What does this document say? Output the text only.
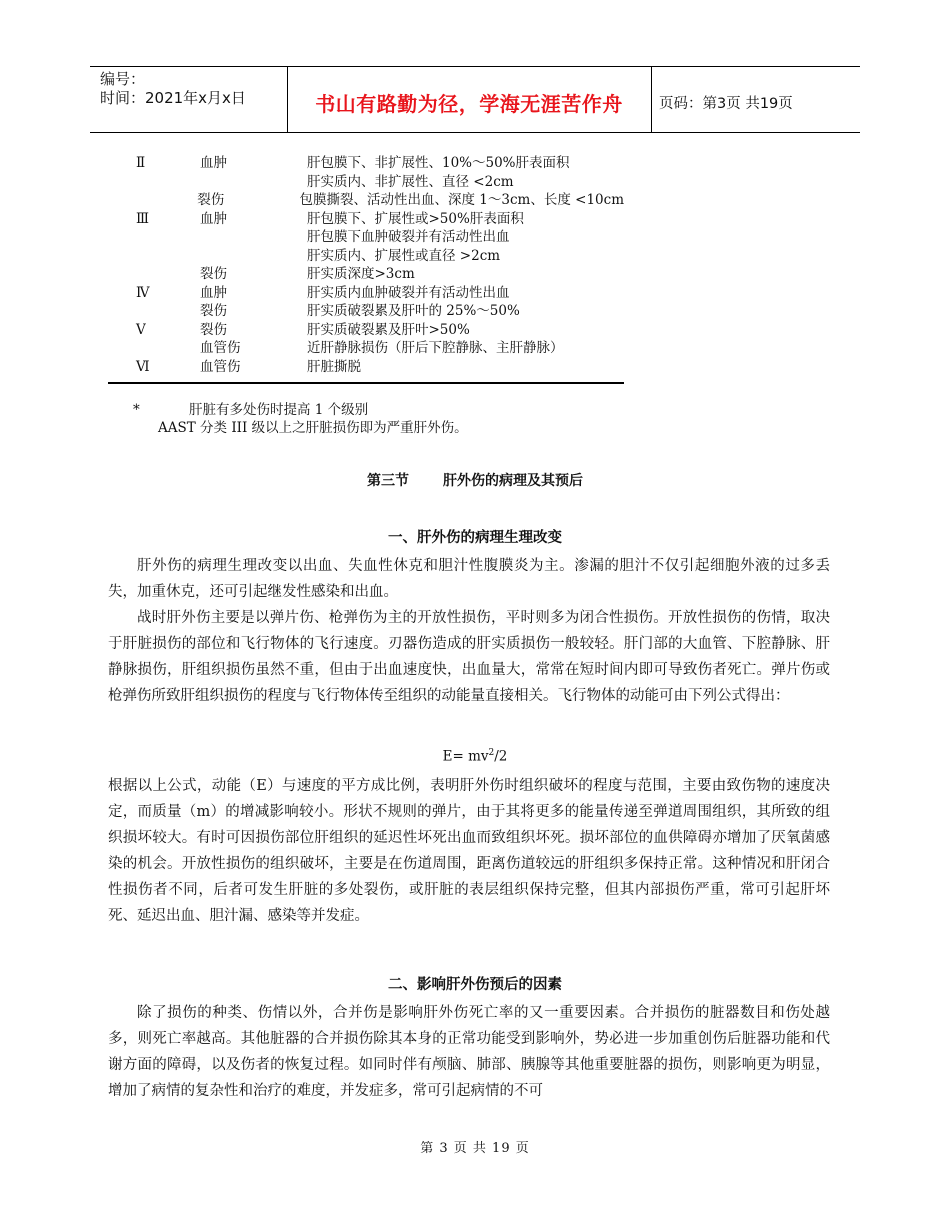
编号：
时间：2021年x月x日	书山有路勤为径，学海无涯苦作舟	页码：第3页 共19页
Ⅱ	血肿	肝包膜下、非扩展性、10%～50%肝表面积
肝实质内、非扩展性、直径 <2cm
裂伤	包膜撕裂、活动性出血、深度 1～3cm、长度 <10cm
Ⅲ	血肿	肝包膜下、扩展性或>50%肝表面积
肝包膜下血肿破裂并有活动性出血
肝实质内、扩展性或直径 >2cm
裂伤	肝实质深度>3cm
Ⅳ	血肿	肝实质内血肿破裂并有活动性出血
裂伤	肝实质破裂累及肝叶的 25%～50%
Ⅴ	裂伤	肝实质破裂累及肝叶>50%
血管伤	近肝静脉损伤（肝后下腔静脉、主肝静脉）
Ⅵ	血管伤	肝脏撕脱
*	肝脏有多处伤时提高 1 个级别
AAST 分类 III 级以上之肝脏损伤即为严重肝外伤。
第三节 肝外伤的病理及其预后
一、肝外伤的病理生理改变
肝外伤的病理生理改变以出血、失血性休克和胆汁性腹膜炎为主。渗漏的胆汁不仅引起细胞外液的过多丢失，加重休克，还可引起继发性感染和出血。
战时肝外伤主要是以弹片伤、枪弹伤为主的开放性损伤，平时则多为闭合性损伤。开放性损伤的伤情，取决于肝脏损伤的部位和飞行物体的飞行速度。刃器伤造成的肝实质损伤一般较轻。肝门部的大血管、下腔静脉、肝静脉损伤，肝组织损伤虽然不重，但由于出血速度快，出血量大，常常在短时间内即可导致伤者死亡。弹片伤或枪弹伤所致肝组织损伤的程度与飞行物体传至组织的动能量直接相关。飞行物体的动能可由下列公式得出：
$E= mv^2/2$
根据以上公式，动能（E）与速度的平方成比例，表明肝外伤时组织破坏的程度与范围，主要由致伤物的速度决定，而质量（m）的增减影响较小。形状不规则的弹片，由于其将更多的能量传递至弹道周围组织，其所致的组织损坏较大。有时可因损伤部位肝组织的延迟性坏死出血而致组织坏死。损坏部位的血供障碍亦增加了厌氧菌感染的机会。开放性损伤的组织破坏，主要是在伤道周围，距离伤道较远的肝组织多保持正常。这种情况和肝闭合性损伤者不同，后者可发生肝脏的多处裂伤，或肝脏的表层组织保持完整，但其内部损伤严重，常可引起肝坏死、延迟出血、胆汁漏、感染等并发症。
二、影响肝外伤预后的因素
除了损伤的种类、伤情以外，合并伤是影响肝外伤死亡率的又一重要因素。合并损伤的脏器数目和伤处越多，则死亡率越高。其他脏器的合并损伤除其本身的正常功能受到影响外，势必进一步加重创伤后脏器功能和代谢方面的障碍，以及伤者的恢复过程。如同时伴有颅脑、肺部、胰腺等其他重要脏器的损伤，则影响更为明显，增加了病情的复杂性和治疗的难度，并发症多，常可引起病情的不可
第 3 页 共 19 页
